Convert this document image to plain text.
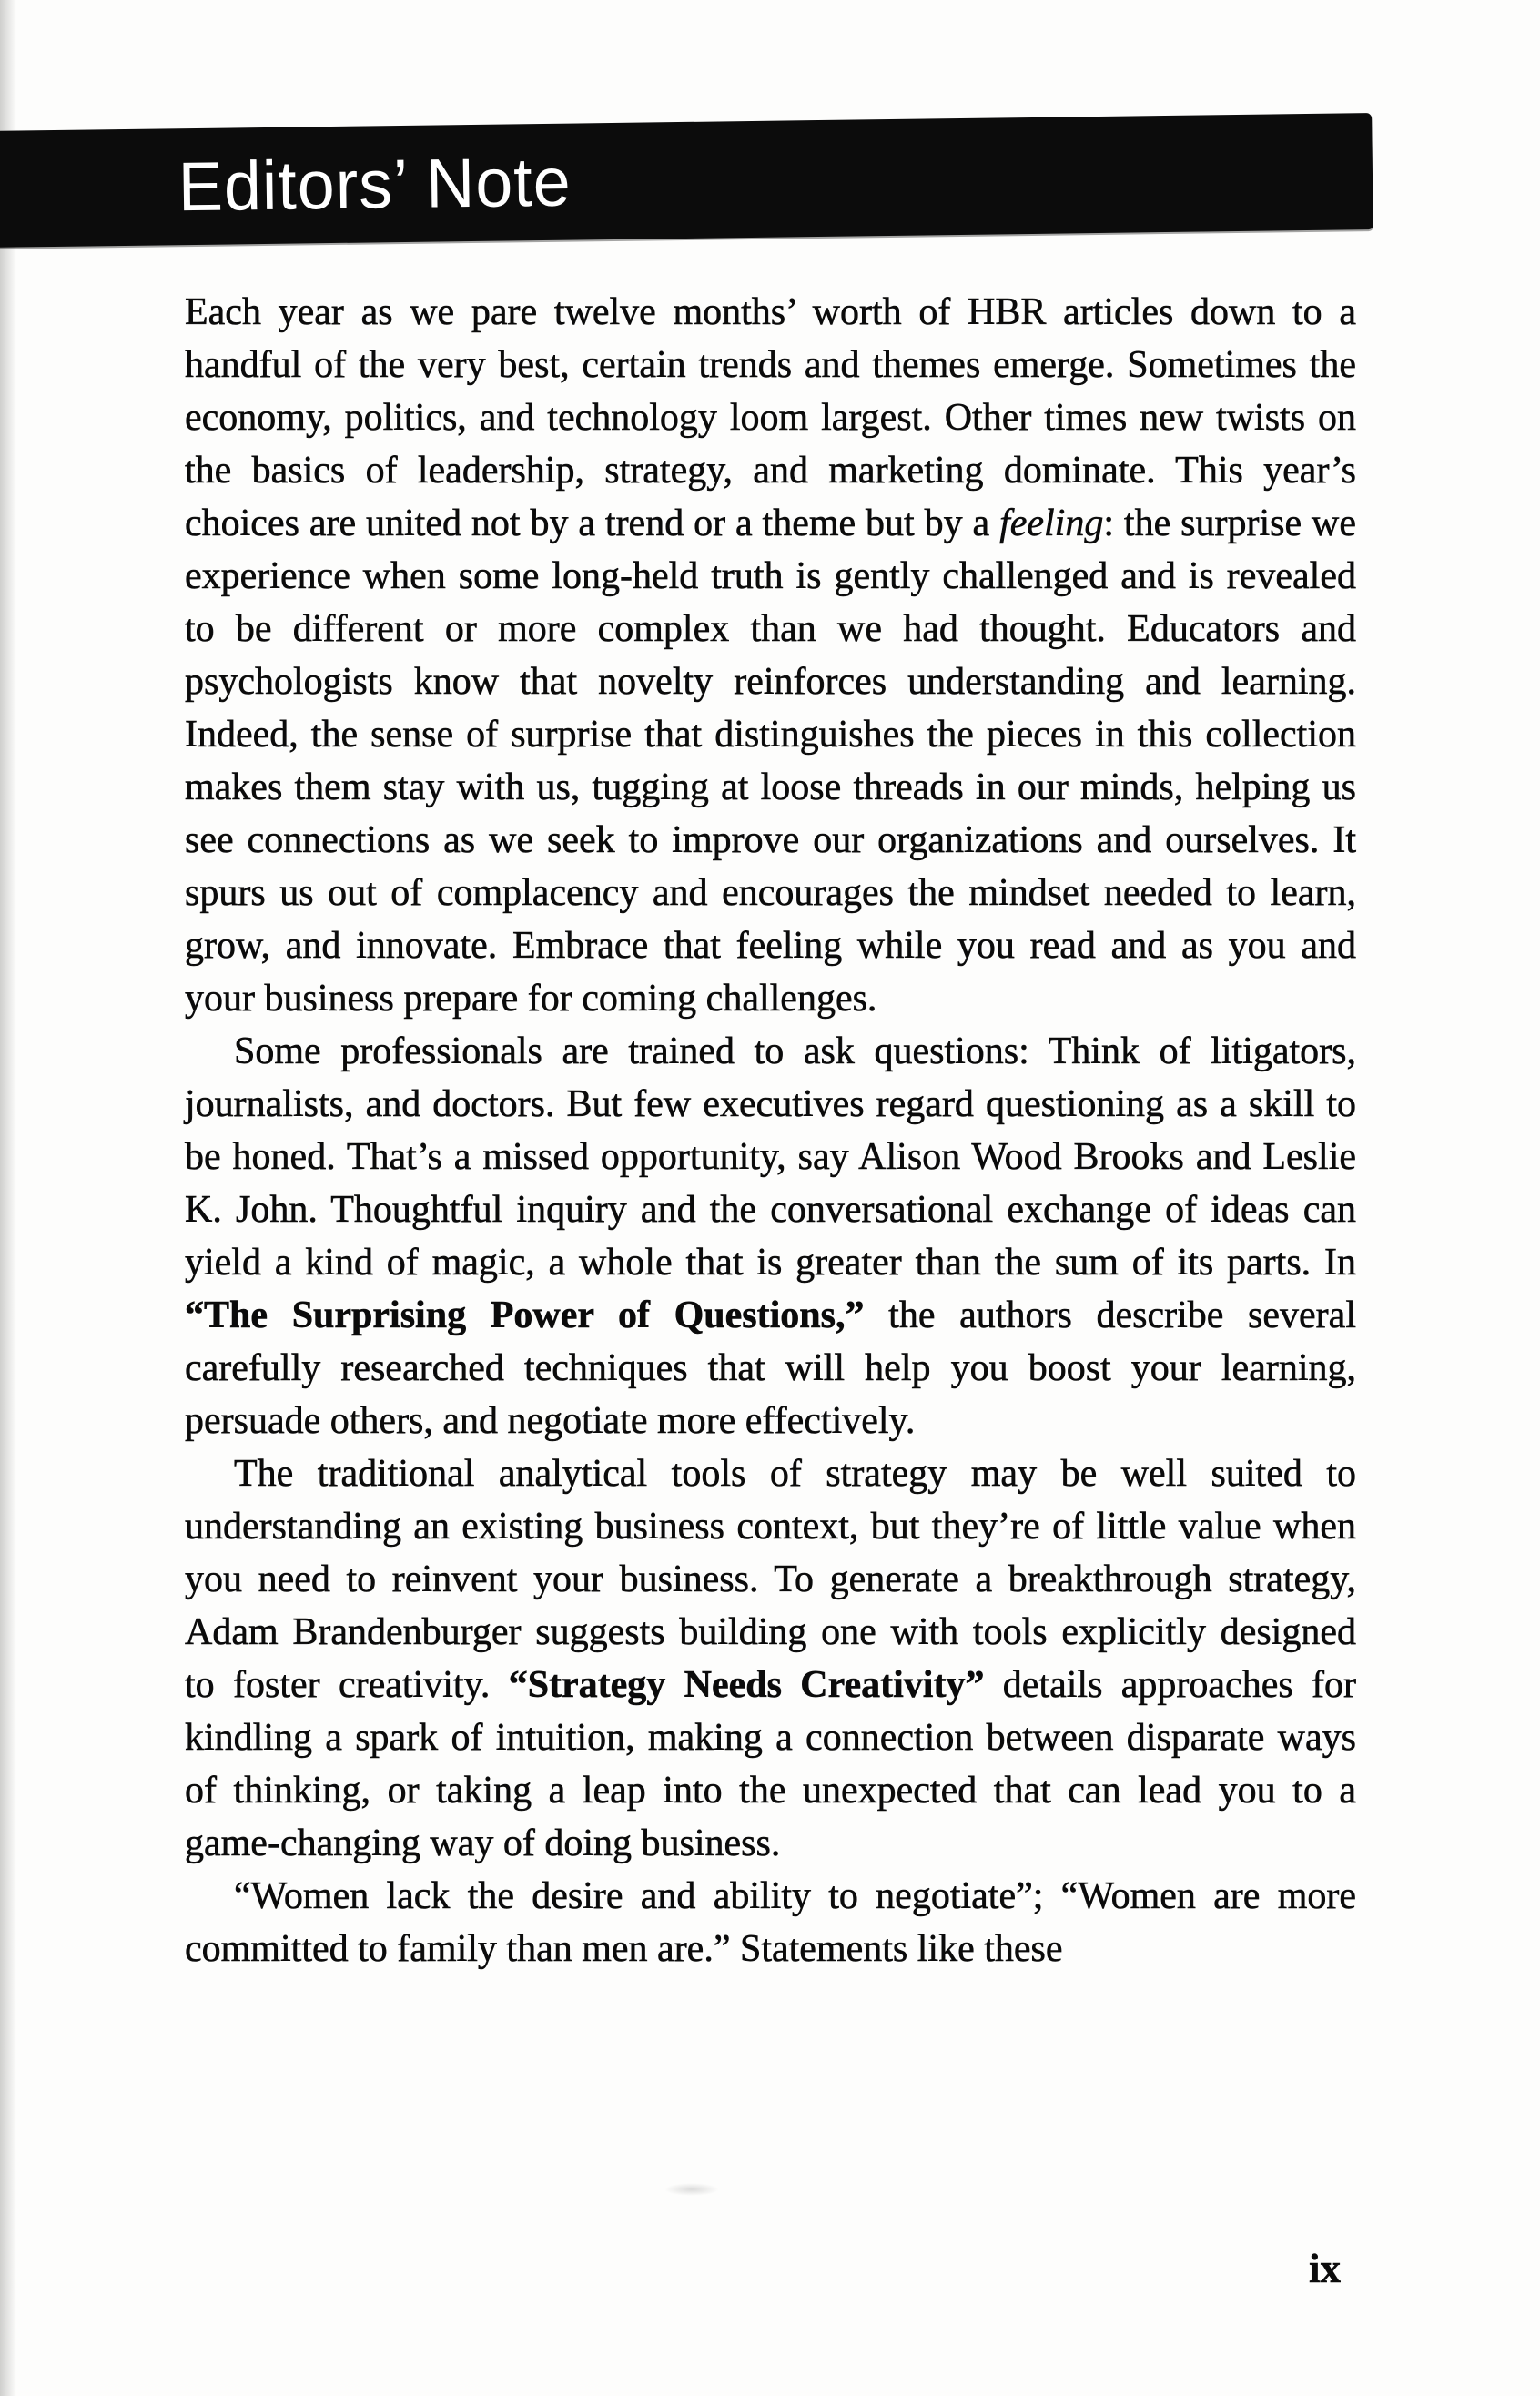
Editors’ Note

Each year as we pare twelve months’ worth of HBR articles down to a handful of the very best, certain trends and themes emerge. Sometimes the economy, politics, and technology loom largest. Other times new twists on the basics of leadership, strategy, and marketing dominate. This year’s choices are united not by a trend or a theme but by a feeling: the surprise we experience when some long-held truth is gently challenged and is revealed to be different or more complex than we had thought. Educators and psychologists know that novelty reinforces understanding and learning. Indeed, the sense of surprise that distinguishes the pieces in this collection makes them stay with us, tugging at loose threads in our minds, helping us see connections as we seek to improve our organizations and ourselves. It spurs us out of complacency and encourages the mindset needed to learn, grow, and innovate. Embrace that feeling while you read and as you and your business prepare for coming challenges.

Some professionals are trained to ask questions: Think of litigators, journalists, and doctors. But few executives regard questioning as a skill to be honed. That’s a missed opportunity, say Alison Wood Brooks and Leslie K. John. Thoughtful inquiry and the conversational exchange of ideas can yield a kind of magic, a whole that is greater than the sum of its parts. In “The Surprising Power of Questions,” the authors describe several carefully researched techniques that will help you boost your learning, persuade others, and negotiate more effectively.

The traditional analytical tools of strategy may be well suited to understanding an existing business context, but they’re of little value when you need to reinvent your business. To generate a breakthrough strategy, Adam Brandenburger suggests building one with tools explicitly designed to foster creativity. “Strategy Needs Creativity” details approaches for kindling a spark of intuition, making a connection between disparate ways of thinking, or taking a leap into the unexpected that can lead you to a game-changing way of doing business.

“Women lack the desire and ability to negotiate”; “Women are more committed to family than men are.” Statements like these

ix
